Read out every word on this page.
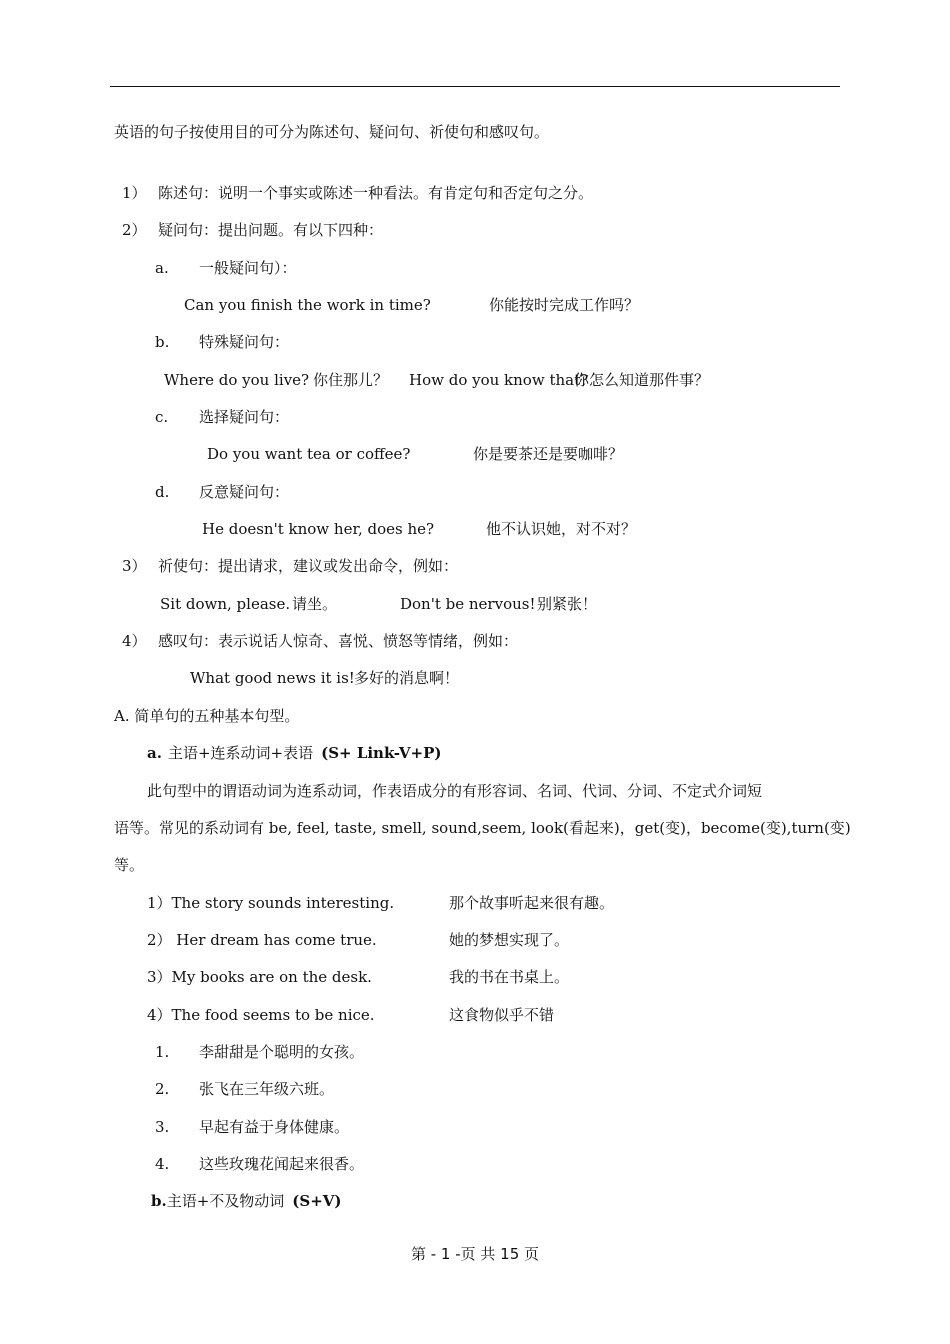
英语的句子按使用目的可分为陈述句、疑问句、祈使句和感叹句。
1） 陈述句：说明一个事实或陈述一种看法。有肯定句和否定句之分。
2） 疑问句：提出问题。有以下四种：
a. 一般疑问句）：
Can you finish the work in time?	你能按时完成工作吗？
b. 特殊疑问句：
Where do you live? 你住那儿？ How do you know that?
你怎么知道那件事？
c. 选择疑问句：
Do you want tea or coffee?	你是要茶还是要咖啡？
d. 反意疑问句：
He doesn't know her, does he?	他不认识她，对不对？
3） 祈使句：提出请求，建议或发出命令，例如：
Sit down, please. 请坐。	Don't be nervous! 别紧张！
4） 感叹句：表示说话人惊奇、喜悦、愤怒等情绪，例如：
What good news it is! 多好的消息啊！
A. 简单句的五种基本句型。
a. 主语+连系动词+表语 (S+ Link-V+P)
此句型中的谓语动词为连系动词，作表语成分的有形容词、名词、代词、分词、不定式介词短
语等。常见的系动词有 be, feel, taste, smell, sound,seem, look(看起来)，get(变)，become(变),turn(变)
等。
1）The story sounds interesting.	那个故事听起来很有趣。
2） Her dream has come true.	她的梦想实现了。
3）My books are on the desk.	我的书在书桌上。
4）The food seems to be nice.	这食物似乎不错
1. 李甜甜是个聪明的女孩。
2. 张飞在三年级六班。
3. 早起有益于身体健康。
4. 这些玫瑰花闻起来很香。
b.主语+不及物动词 (S+V)
第 - 1 -页 共 15 页
